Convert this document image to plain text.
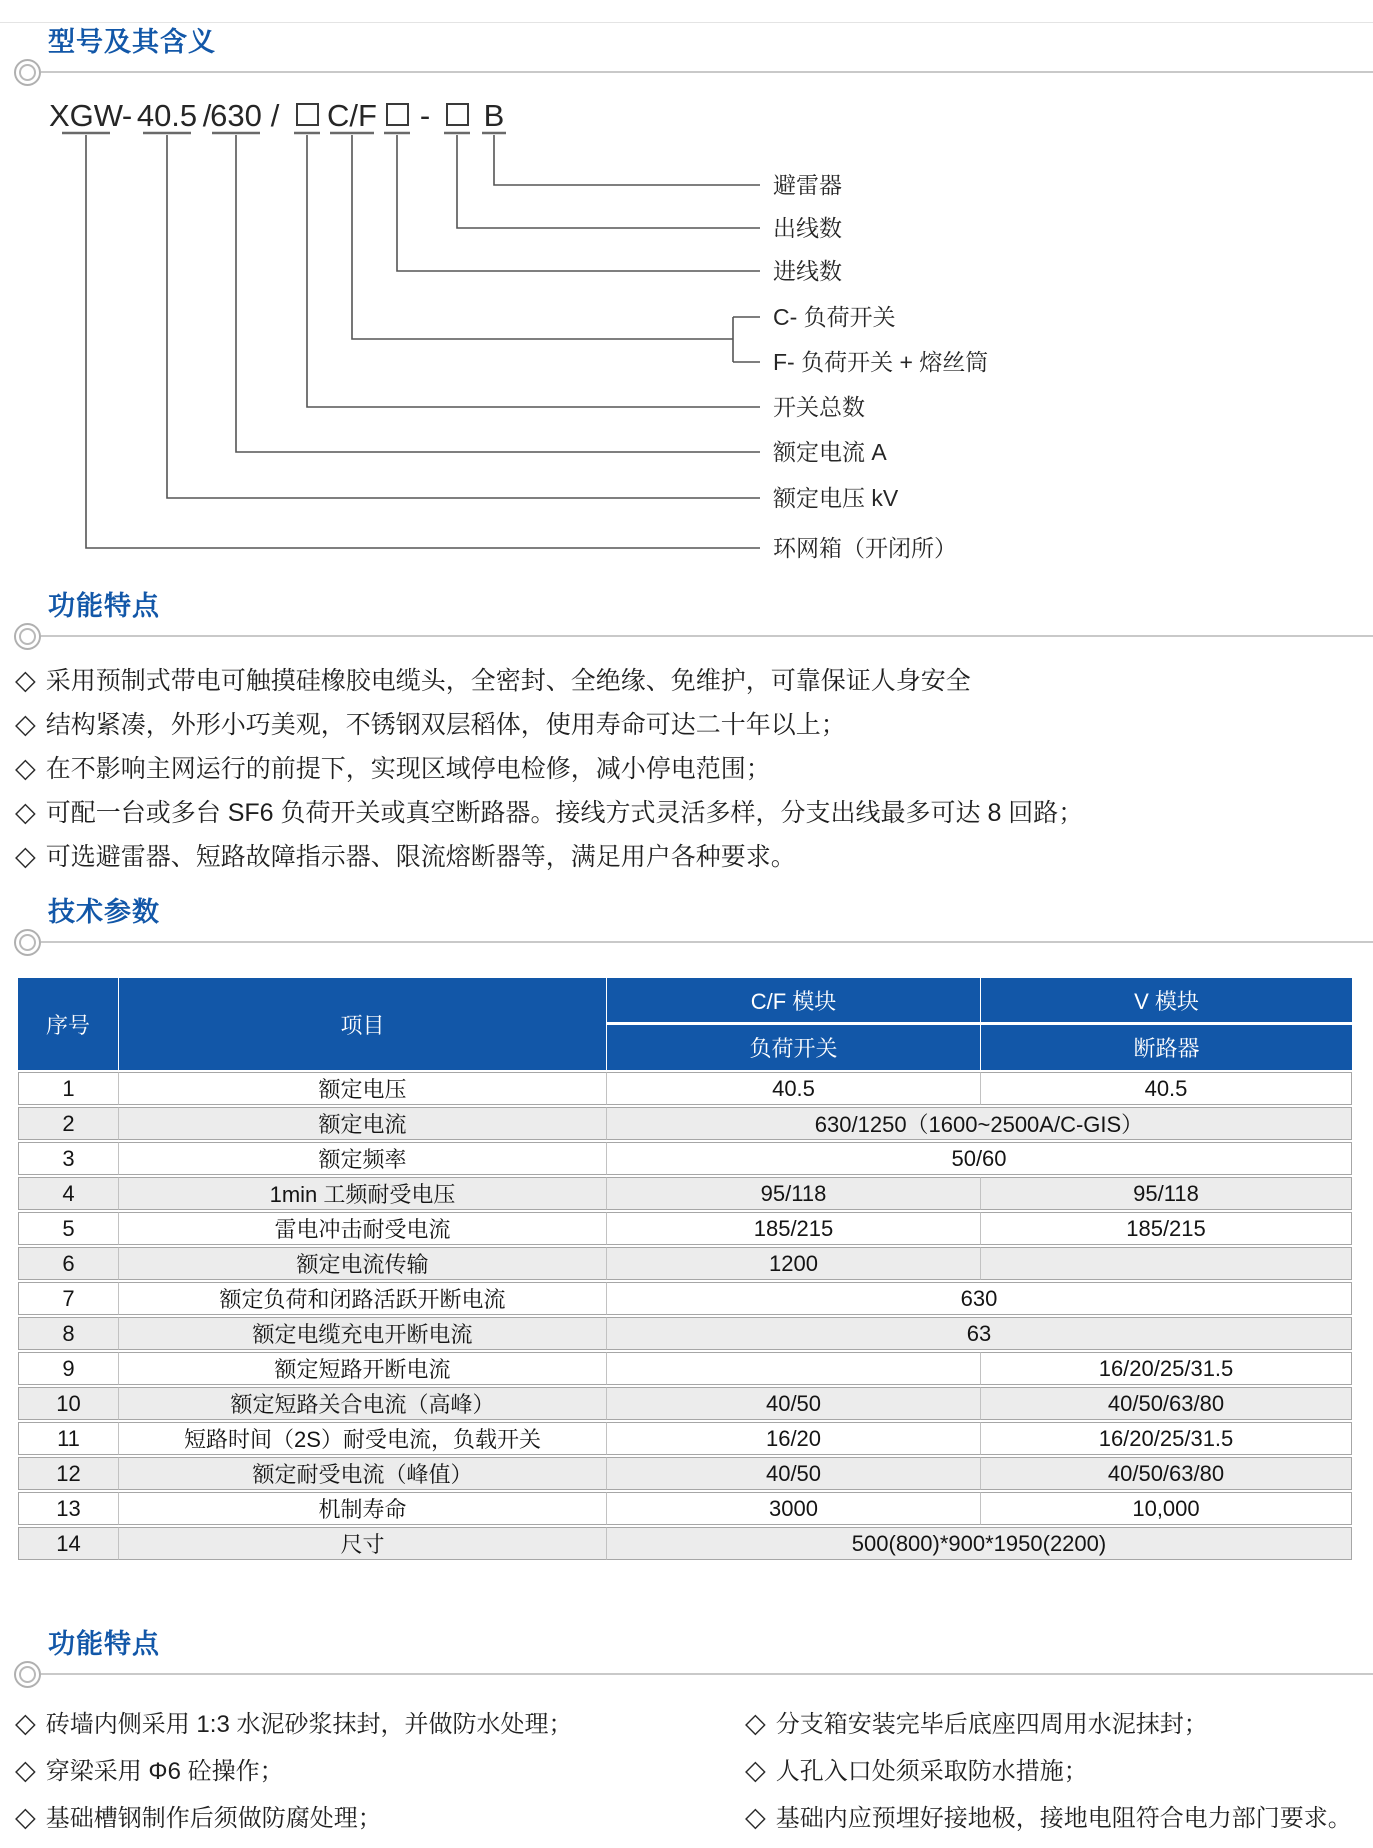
型号及其含义
XGW
- 40.5 /
630 / C/F - B
避雷器
出线数
进线数
C- 负荷开关
F- 负荷开关 + 熔丝筒
开关总数
额定电流 A
额定电压 kV
环网箱（开闭所）
功能特点
◇ 采用预制式带电可触摸硅橡胶电缆头，全密封、全绝缘、免维护，可靠保证人身安全
◇ 结构紧凑，外形小巧美观，不锈钢双层稻体，使用寿命可达二十年以上；
◇ 在不影响主网运行的前提下，实现区域停电检修，减小停电范围；
◇ 可配一台或多台 SF6 负荷开关或真空断路器。接线方式灵活多样，分支出线最多可达 8 回路；
◇ 可选避雷器、短路故障指示器、限流熔断器等，满足用户各种要求。
技术参数
序号	项目	C/F 模块	V 模块
		负荷开关	断路器
1	额定电压	40.5	40.5
2	额定电流	630/1250（1600~2500A/C-GIS）	
3	额定频率	50/60	
4	1min 工频耐受电压	95/118	95/118
5	雷电冲击耐受电流	185/215	185/215
6	额定电流传输	1200	
7	额定负荷和闭路活跃开断电流	630	
8	额定电缆充电开断电流	63	
9	额定短路开断电流		16/20/25/31.5
10	额定短路关合电流（高峰）	40/50	40/50/63/80
11	短路时间（2S）耐受电流，负载开关	16/20	16/20/25/31.5
12	额定耐受电流（峰值）	40/50	40/50/63/80
13	机制寿命	3000	10,000
14	尺寸	500(800)*900*1950(2200)	
功能特点
◇ 砖墙内侧采用 1:3 水泥砂浆抹封，并做防水处理；
◇ 穿梁采用 Φ6 砼操作；
◇ 基础槽钢制作后须做防腐处理；
◇ 分支箱安装完毕后底座四周用水泥抹封；
◇ 人孔入口处须采取防水措施；
◇ 基础内应预埋好接地极，接地电阻符合电力部门要求。
